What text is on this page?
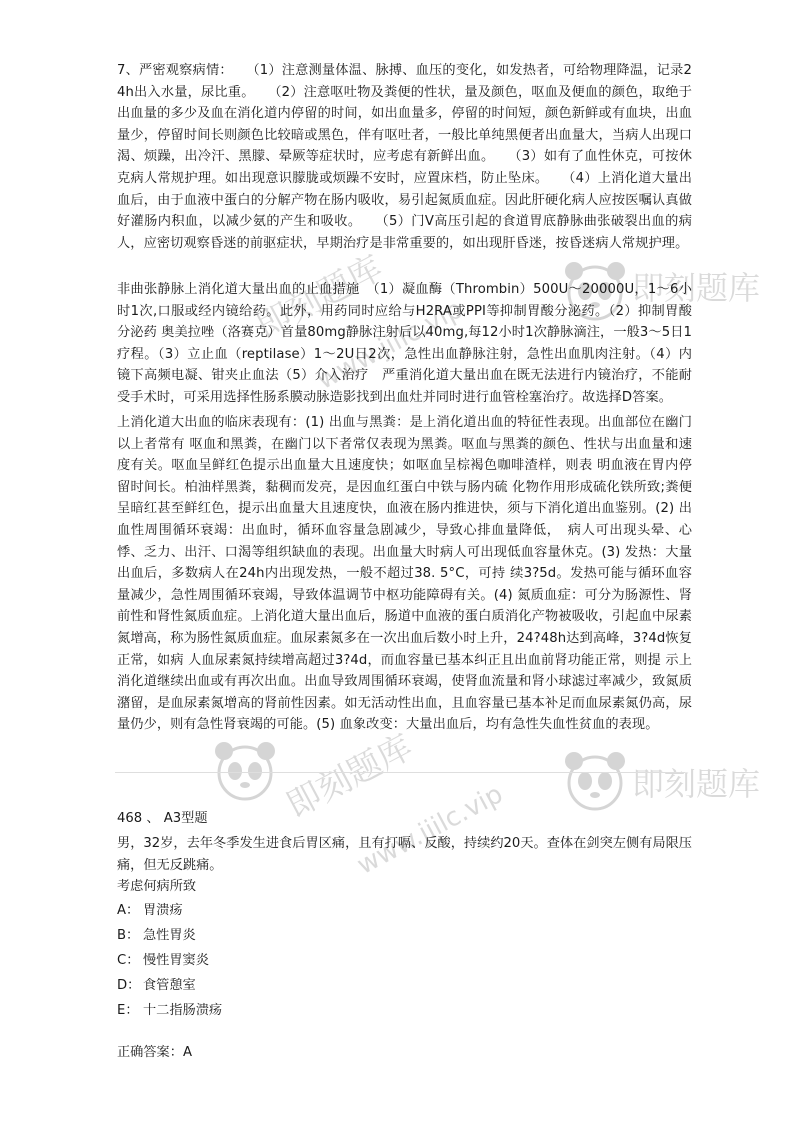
即刻题库
即刻题库
www.jiilc.vip
即刻题库
www.jiilc.vip	即刻题库
7、严密观察病情：　　（1）注意测量体温、脉搏、血压的变化，如发热者，可给物理降温，记录24h出入水量，尿比重。　　（2）注意呕吐物及粪便的性状，量及颜色，呕血及便血的颜色，取绝于出血量的多少及血在消化道内停留的时间，如出血量多，停留的时间短，颜色新鲜或有血块，出血量少，停留时间长则颜色比较暗或黑色，伴有呕吐者，一般比单纯黑便者出血量大，当病人出现口渴、烦躁，出冷汗、黑朦、晕厥等症状时，应考虑有新鲜出血。　　（3）如有了血性休克，可按休克病人常规护理。如出现意识朦胧或烦躁不安时，应置床档，防止坠床。　　（4）上消化道大量出血后，由于血液中蛋白的分解产物在肠内吸收，易引起氮质血症。因此肝硬化病人应按医嘱认真做好灌肠内积血，以减少氨的产生和吸收。　　（5）门V高压引起的食道胃底静脉曲张破裂出血的病人，应密切观察昏迷的前驱症状，早期治疗是非常重要的，如出现肝昏迷，按昏迷病人常规护理。
非曲张静脉上消化道大量出血的止血措施　（1）凝血酶（Thrombin）500U～20000U，1～6小时1次,口服或经内镜给药。此外，用药同时应给与H2RA或PPI等抑制胃酸分泌药。（2）抑制胃酸分泌药 奥美拉唑（洛赛克）首量80mg静脉注射后以40mg,每12小时1次静脉滴注，一般3～5日1疗程。（3）立止血（reptilase）1～2U日2次，急性出血静脉注射，急性出血肌肉注射。（4）内镜下高频电凝、钳夹止血法（5）介入治疗　严重消化道大量出血在既无法进行内镜治疗，不能耐受手术时，可采用选择性肠系膜动脉造影找到出血灶并同时进行血管栓塞治疗。故选择D答案。
上消化道大出血的临床表现有：(1) 出血与黑粪：是上消化道出血的特征性表现。出血部位在幽门以上者常有 呕血和黑粪，在幽门以下者常仅表现为黑粪。呕血与黑粪的颜色、性状与出血量和速度有关。呕血呈鲜红色提示出血量大且速度快；如呕血呈棕褐色咖啡渣样，则表 明血液在胃内停留时间长。柏油样黑粪，黏稠而发亮，是因血红蛋白中铁与肠内硫 化物作用形成硫化铁所致;粪便呈暗红甚至鲜红色，提示出血量大且速度快，血液在肠内推进快，须与下消化道出血鉴别。(2) 出血性周围循环衰竭：出血时，循环血容量急剧减少，导致心排血量降低，　病人可出现头晕、心悸、乏力、出汗、口渴等组织缺血的表现。出血量大时病人可出现低血容量休克。(3) 发热：大量出血后，多数病人在24h内出现发热，一般不超过38. 5°C，可持 续3?5d。发热可能与循环血容量减少，急性周围循环衰竭，导致体温调节中枢功能障碍有关。(4) 氮质血症：可分为肠源性、肾前性和肾性氮质血症。上消化道大量出血后，肠道中血液的蛋白质消化产物被吸收，引起血中尿素氮增高，称为肠性氮质血症。血尿素氮多在一次出血后数小时上升，24?48h达到高峰，3?4d恢复正常，如病 人血尿素氮持续增高超过3?4d，而血容量已基本纠正且出血前肾功能正常，则提 示上消化道继续出血或有再次出血。出血导致周围循环衰竭，使肾血流量和肾小球滤过率减少，致氮质潴留，是血尿素氮增高的肾前性因素。如无活动性出血，且血容量已基本补足而血尿素氮仍高，尿量仍少，则有急性肾衰竭的可能。(5) 血象改变：大量出血后，均有急性失血性贫血的表现。
468 、 A3型题
男，32岁，去年冬季发生进食后胃区痛，且有打嗝、反酸，持续约20天。查体在剑突左侧有局限压痛，但无反跳痛。
考虑何病所致
A： 胃溃疡
B： 急性胃炎
C： 慢性胃窦炎
D： 食管憩室
E： 十二指肠溃疡
正确答案：A
